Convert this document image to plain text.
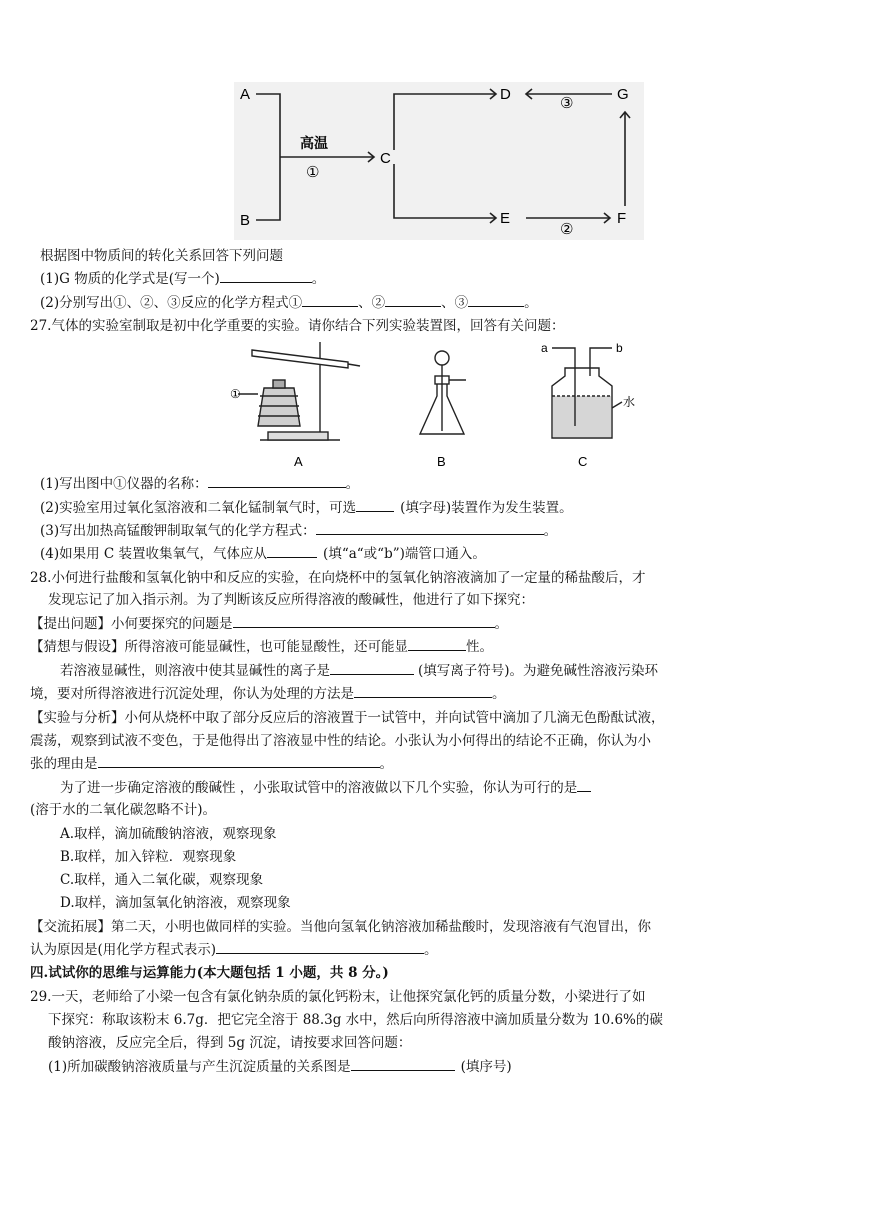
A
B
C
D
E	F
G
高温
①
②
③
根据图中物质间的转化关系回答下列问题
(1)G 物质的化学式是(写一个)	。
(2)分别写出①、②、③反应的化学方程式①	、②	、③	。
27.气体的实验室制取是初中化学重要的实验。请你结合下列实验装置图，回答有关问题：
①
A	B
a	b
水
C
(1)写出图中①仪器的名称：	。
(2)实验室用过氧化氢溶液和二氧化锰制氧气时，可选	(填字母)装置作为发生装置。
(3)写出加热高锰酸钾制取氧气的化学方程式：	。
(4)如果用 C 装置收集氧气，气体应从	(填“a“或“b”)端管口通入。
28.小何进行盐酸和氢氧化钠中和反应的实验，在向烧杯中的氢氧化钠溶液滴加了一定量的稀盐酸后，才
发现忘记了加入指示剂。为了判断该反应所得溶液的酸碱性，他进行了如下探究：
【提出问题】小何要探究的问题是	。
【猜想与假设】所得溶液可能显碱性，也可能显酸性，还可能显	性。
若溶液显碱性，则溶液中使其显碱性的离子是	(填写离子符号)。为避免碱性溶液污染环
境，要对所得溶液进行沉淀处理，你认为处理的方法是	。
【实验与分析】小何从烧杯中取了部分反应后的溶液置于一试管中，并向试管中滴加了几滴无色酚酞试液，
震荡，观察到试液不变色，于是他得出了溶液显中性的结论。小张认为小何得出的结论不正确，你认为小
张的理由是	。
为了进一步确定溶液的酸碱性 ，小张取试管中的溶液做以下几个实验，你认为可行的是
(溶于水的二氧化碳忽略不计)。
A.取样，滴加硫酸钠溶液，观察现象
B.取样，加入锌粒．观察现象
C.取样，通入二氧化碳，观察现象
D.取样，滴加氢氧化钠溶液，观察现象
【交流拓展】第二天，小明也做同样的实验。当他向氢氧化钠溶液加稀盐酸时，发现溶液有气泡冒出，你
认为原因是(用化学方程式表示)	。
四.试试你的思维与运算能力(本大题包括 1 小题，共 8 分。)
29.一天，老师给了小梁一包含有氯化钠杂质的氯化钙粉末，让他探究氯化钙的质量分数，小梁进行了如
下探究：称取该粉末 6.7g．把它完全溶于 88.3g 水中，然后向所得溶液中滴加质量分数为 10.6%的碳
酸钠溶液，反应完全后，得到 5g 沉淀，请按要求回答问题：
(1)所加碳酸钠溶液质量与产生沉淀质量的关系图是	(填序号)
